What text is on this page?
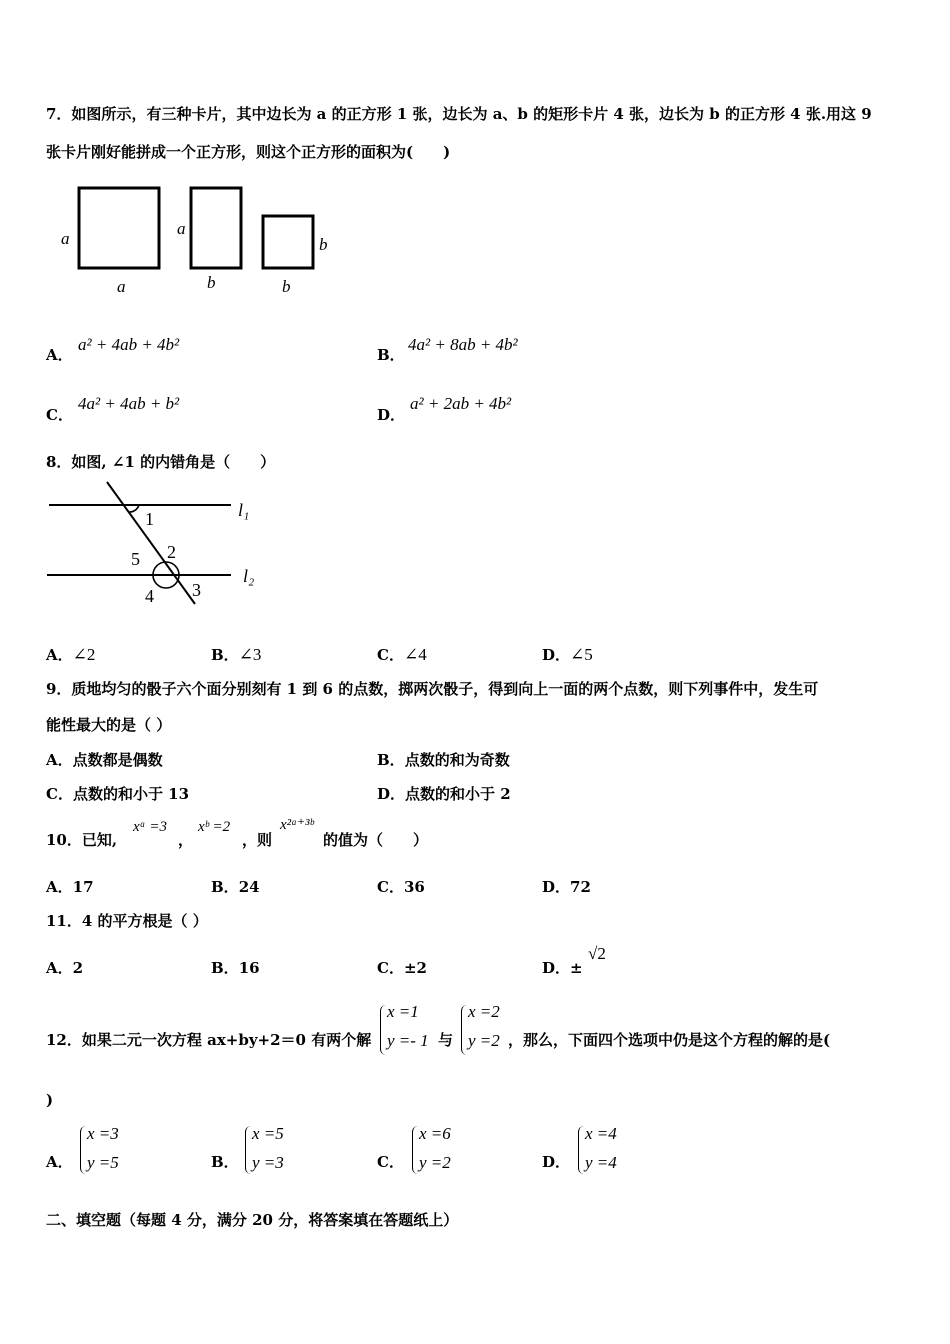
7．如图所示，有三种卡片，其中边长为 a 的正方形 1 张，边长为 a、b 的矩形卡片 4 张，边长为 b 的正方形 4 张.用这 9
张卡片刚好能拼成一个正方形，则这个正方形的面积为(　　)
a
a
a
b	b
b
A．
a² + 4ab + 4b²
B．
4a² + 8ab + 4b²
C．
4a² + 4ab + b²
D．
a² + 2ab + 4b²
8．如图, ∠1 的内错角是（　　）
1
2
5
4 3
l₁
l₂
A．∠2	B．∠3	C．∠4	D．∠5
9．质地均匀的骰子六个面分别刻有 1 到 6 的点数，掷两次骰子，得到向上一面的两个点数，则下列事件中，发生可
能性最大的是（ ）
A．点数都是偶数	B．点数的和为奇数
C．点数的和小于 13	D．点数的和小于 2
10．已知,
xᵃ =3
，
xᵇ =2
，则
x²ᵃ⁺³ᵇ
的值为（　　）
A．17	B．24	C．36	D．72
11．4 的平方根是（ ）
A．2	B．16	C．±2	D．±
√2
12．如果二元一次方程 ax+by+2＝0 有两个解
x =1
y =- 1 与
x =2
y =2 ，那么，下面四个选项中仍是这个方程的解的是(
)
A．
x =3
y =5	B．
x =5
y =3	C．
x =6
y =2	D．
x =4
y =4
二、填空题（每题 4 分，满分 20 分，将答案填在答题纸上）
